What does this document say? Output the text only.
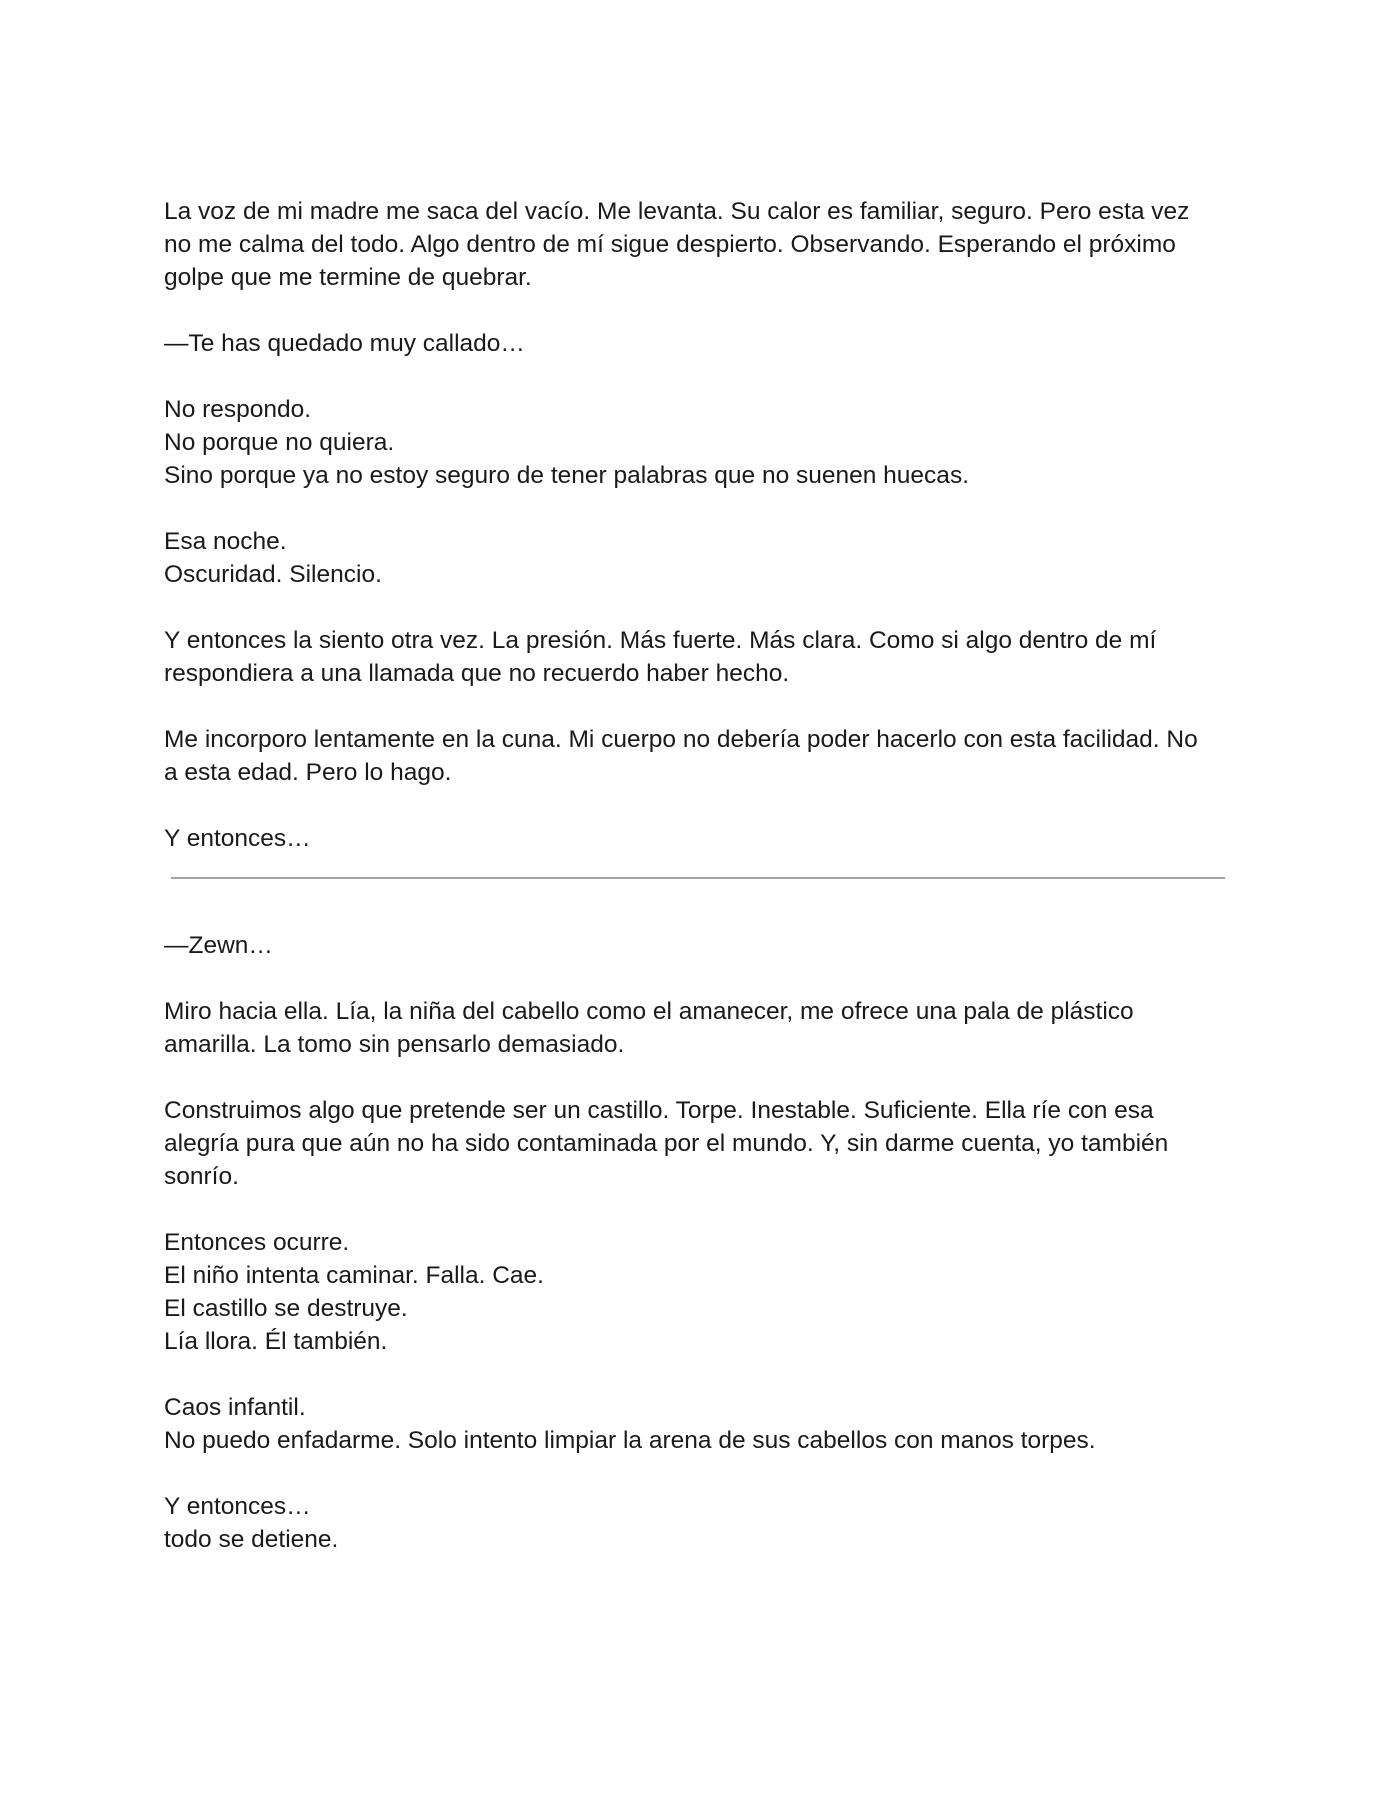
La voz de mi madre me saca del vacío. Me levanta. Su calor es familiar, seguro. Pero esta vez
no me calma del todo. Algo dentro de mí sigue despierto. Observando. Esperando el próximo
golpe que me termine de quebrar.

—Te has quedado muy callado…

No respondo.
No porque no quiera.
Sino porque ya no estoy seguro de tener palabras que no suenen huecas.

Esa noche.
Oscuridad. Silencio.

Y entonces la siento otra vez. La presión. Más fuerte. Más clara. Como si algo dentro de mí
respondiera a una llamada que no recuerdo haber hecho.

Me incorporo lentamente en la cuna. Mi cuerpo no debería poder hacerlo con esta facilidad. No
a esta edad. Pero lo hago.

Y entonces…

—Zewn…

Miro hacia ella. Lía, la niña del cabello como el amanecer, me ofrece una pala de plástico
amarilla. La tomo sin pensarlo demasiado.

Construimos algo que pretende ser un castillo. Torpe. Inestable. Suficiente. Ella ríe con esa
alegría pura que aún no ha sido contaminada por el mundo. Y, sin darme cuenta, yo también
sonrío.

Entonces ocurre.
El niño intenta caminar. Falla. Cae.
El castillo se destruye.
Lía llora. Él también.

Caos infantil.
No puedo enfadarme. Solo intento limpiar la arena de sus cabellos con manos torpes.

Y entonces…
todo se detiene.
